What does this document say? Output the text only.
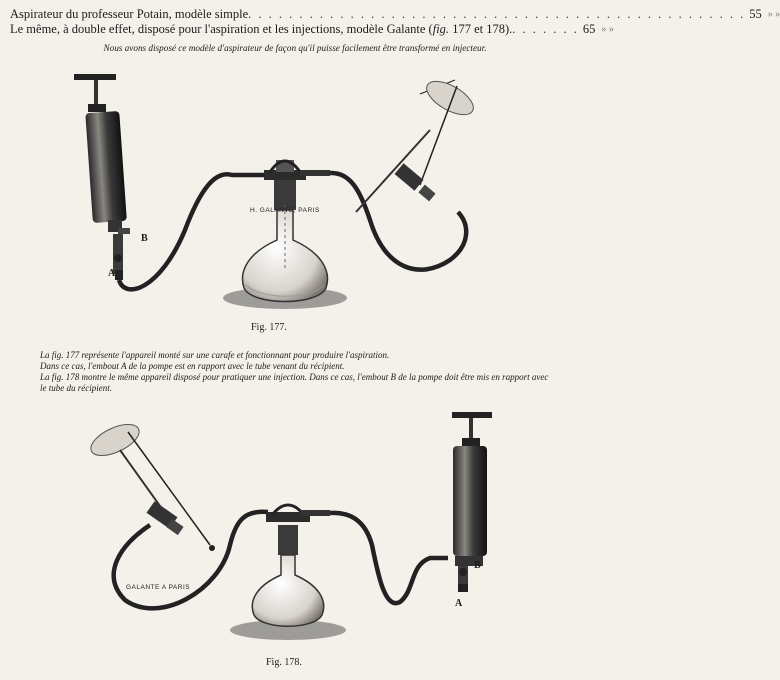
Aspirateur du professeur Potain, modèle simple . . . . . . . . . . . . . . . . . . . . . . . . . . . . . . . . . . . . . . . . . . . . . . . . . 55 » »
Le même, à double effet, disposé pour l'aspiration et les injections, modèle Galante (fig. 177 et 178). . . . . . . . 65 » »
Nous avons disposé ce modèle d'aspirateur de façon qu'il puisse facilement être transformé en injecteur.
H. GALANTE, PARIS
A
B
Fig. 177.
La fig. 177 représente l'appareil monté sur une carafe et fonctionnant pour produire l'aspiration.
Dans ce cas, l'embout A de la pompe est en rapport avec le tube venant du récipient.
La fig. 178 montre le même appareil disposé pour pratiquer une injection. Dans ce cas, l'embout B de la pompe doit être mis en rapport avec le tube du récipient.
GALANTE A PARIS
A
B
Fig. 178.
